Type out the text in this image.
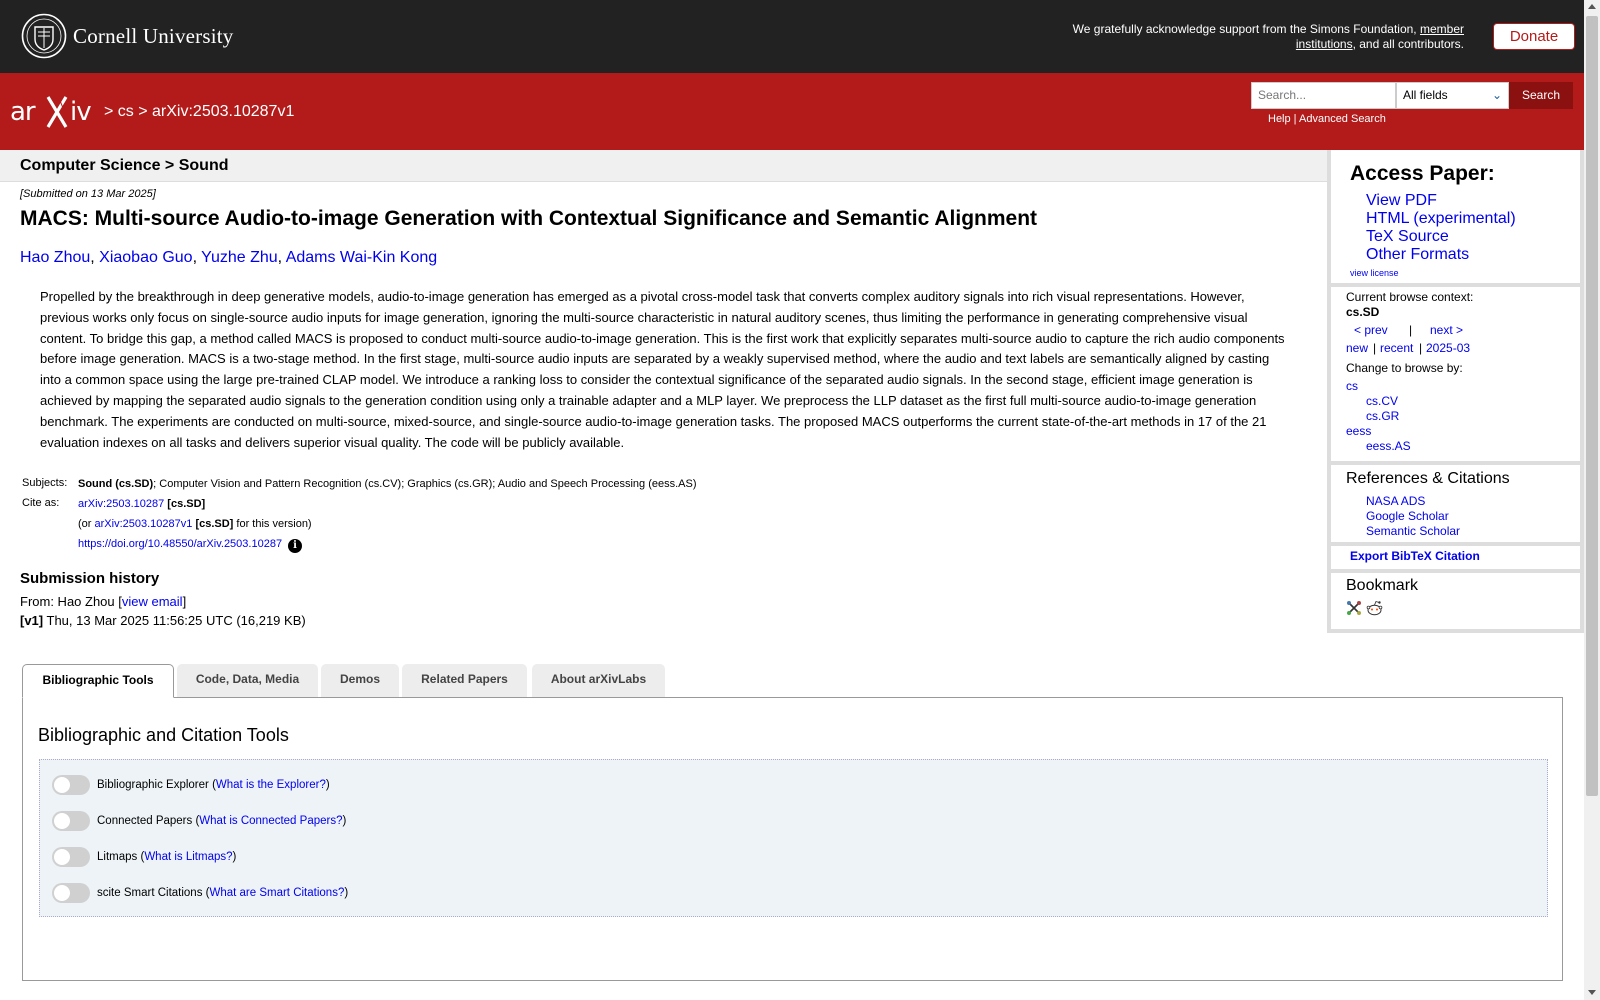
Cornell University	We gratefully acknowledge support from the Simons Foundation, member institutions, and all contributors.	Donate
ar iv > cs > arXiv:2503.10287v1
Search...	All fields	⌄	Search
Help | Advanced Search
Computer Science > Sound
[Submitted on 13 Mar 2025]
MACS: Multi-source Audio-to-image Generation with Contextual Significance and Semantic Alignment
Hao Zhou, Xiaobao Guo, Yuzhe Zhu, Adams Wai-Kin Kong
Propelled by the breakthrough in deep generative models, audio-to-image generation has emerged as a pivotal cross-model task that converts complex auditory signals into rich visual representations. However, previous works only focus on single-source audio inputs for image generation, ignoring the multi-source characteristic in natural auditory scenes, thus limiting the performance in generating comprehensive visual content. To bridge this gap, a method called MACS is proposed to conduct multi-source audio-to-image generation. This is the first work that explicitly separates multi-source audio to capture the rich audio components before image generation. MACS is a two-stage method. In the first stage, multi-source audio inputs are separated by a weakly supervised method, where the audio and text labels are semantically aligned by casting into a common space using the large pre-trained CLAP model. We introduce a ranking loss to consider the contextual significance of the separated audio signals. In the second stage, efficient image generation is achieved by mapping the separated audio signals to the generation condition using only a trainable adapter and a MLP layer. We preprocess the LLP dataset as the first full multi-source audio-to-image generation benchmark. The experiments are conducted on multi-source, mixed-source, and single-source audio-to-image generation tasks. The proposed MACS outperforms the current state-of-the-art methods in 17 of the 21 evaluation indexes on all tasks and delivers superior visual quality. The code will be publicly available.
Subjects: Sound (cs.SD); Computer Vision and Pattern Recognition (cs.CV); Graphics (cs.GR); Audio and Speech Processing (eess.AS)
Cite as:	arXiv:2503.10287 [cs.SD]
(or arXiv:2503.10287v1 [cs.SD] for this version)
https://doi.org/10.48550/arXiv.2503.10287 i
Submission history
From: Hao Zhou [view email]
[v1] Thu, 13 Mar 2025 11:56:25 UTC (16,219 KB)
Access Paper:
View PDF
HTML (experimental)
TeX Source
Other Formats
view license
Current browse context:
cs.SD
< prev | next >
new | recent | 2025-03
Change to browse by:
cs
cs.CV
cs.GR
eess
eess.AS
References & Citations
NASA ADS
Google Scholar
Semantic Scholar
Export BibTeX Citation
Bookmark
Bibliographic Tools	Code, Data, Media	Demos	Related Papers	About arXivLabs
Bibliographic and Citation Tools
Bibliographic Explorer ( What is the Explorer? )
Connected Papers ( What is Connected Papers? )
Litmaps ( What is Litmaps? )
scite Smart Citations ( What are Smart Citations? )
